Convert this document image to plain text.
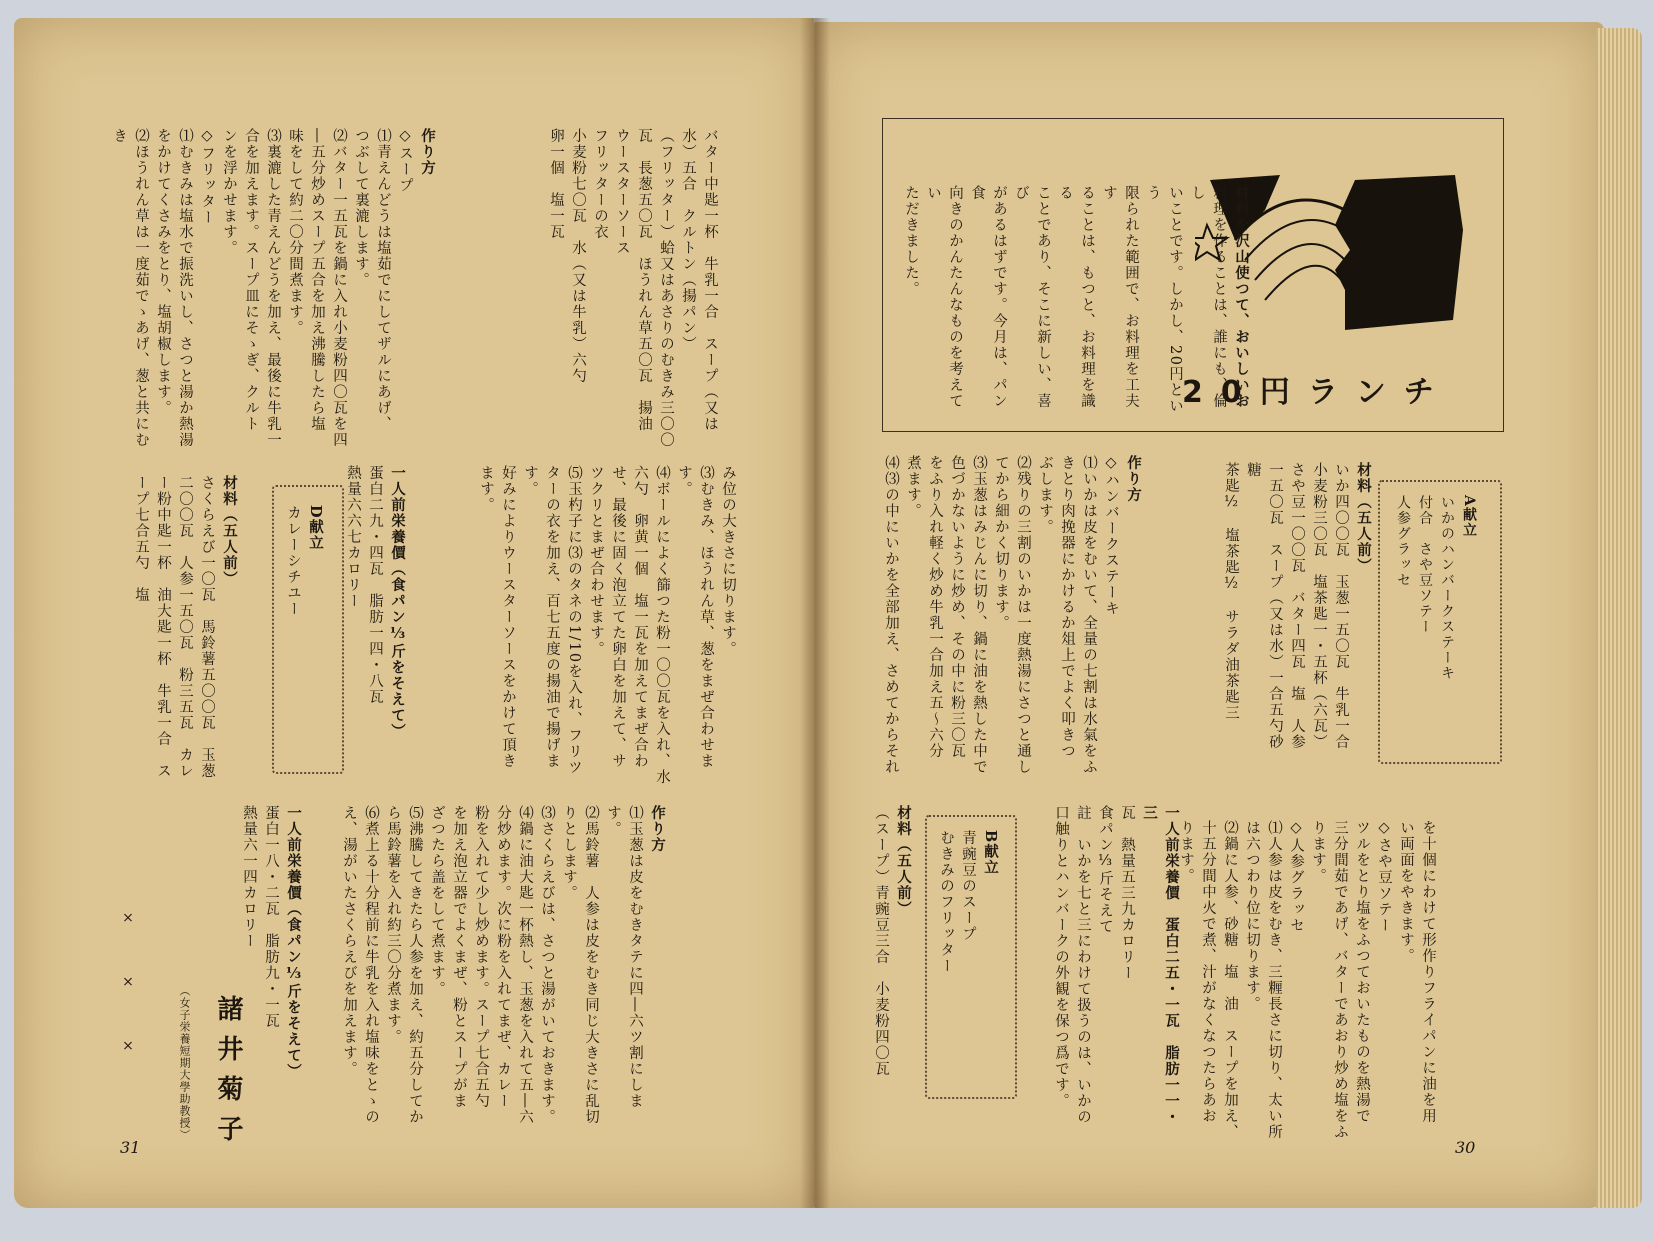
20円ランチ
材料を沢山使つて、おいしいお
料理を作ることは、誰にも、倫し
いことです。しかし、20円という
限られた範囲で、お料理を工夫す
ることは、もつと、お料理を識る
ことであり、そこに新しい、喜び
があるはずです。今月は、パン食
向きのかんたんなものを考えてい
ただきました。
A献立
いかのハンバークステーキ
付合　さや豆ソテー
人参グラッセ
材料（五人前）
いか四〇〇瓦　玉葱一五〇瓦　牛乳一合
小麦粉三〇瓦　塩茶匙一・五杯（六瓦）
さや豆一〇〇瓦　バター四瓦　塩　人参
一五〇瓦　スープ（又は水）一合五勺砂糖
茶匙½　塩茶匙½　サラダ油茶匙三
作り方
◇ハンバークステーキ
⑴いかは皮をむいて、全量の七割は水氣をふ
きとり肉挽器にかけるか俎上でよく叩きつ
ぶします。
⑵残りの三割のいかは一度熱湯にさつと通し
てから細かく切ります。
⑶玉葱はみじんに切り、鍋に油を熱した中で
色づかないように炒め、その中に粉三〇瓦
をふり入れ軽く炒め牛乳一合加え五～六分
煮ます。
⑷⑶の中にいかを全部加え、さめてからそれ
を十個にわけて形作りフライパンに油を用
い両面をやきます。
◇さや豆ソテー
ツルをとり塩をふつておいたものを熱湯で
三分間茹であげ、バターであおり炒め塩をふ
ります。
◇人参グラッセ
⑴人参は皮をむき、三糎長さに切り、太い所
は六つわり位に切ります。
⑵鍋に人参、砂糖　塩　油　スープを加え、
十五分間中火で煮、汁がなくなつたらあお
ります。
一人前栄養價　蛋白二五・一瓦　脂肪一一・三
瓦　熱量五三九カロリー
食パン⅓斤そえて
註　いかを七と三にわけて扱うのは、いかの
口触りとハンバークの外観を保つ爲です。
B献立
青豌豆のスープ
むきみのフリッター
材料（五人前）
（スープ）青豌豆三合　小麦粉四〇瓦
30
バター中匙一杯　牛乳一合　スープ（又は
水）五合　クルトン（揚パン）
（フリッター）蛤又はあさりのむきみ三〇〇
瓦　長葱五〇瓦　ほうれん草五〇瓦　揚油
ウースターソース
フリッターの衣
小麦粉七〇瓦　水（又は牛乳）六勺
卵一個　塩一瓦
作り方
◇スープ
⑴青えんどうは塩茹でにしてザルにあげ、
つぶして裏漉します。
⑵バター一五瓦を鍋に入れ小麦粉四〇瓦を四
―五分炒めスープ五合を加え沸騰したら塩
味をして約二〇分間煮ます。
⑶裏漉した青えんどうを加え、最後に牛乳一
合を加えます。スープ皿にそゝぎ、クルト
ンを浮かせます。
◇フリッター
⑴むきみは塩水で振洗いし、さつと湯か熱湯
をかけてくさみをとり、塩胡椒します。
⑵ほうれん草は一度茹でゝあげ、葱と共にむき
み位の大きさに切ります。
⑶むきみ、ほうれん草、葱をまぜ合わせます。
⑷ボールによく篩つた粉一〇〇瓦を入れ、水
六勺　卵黄一個　塩一瓦を加えてまぜ合わ
せ、最後に固く泡立てた卵白を加えて、サ
ツクリとまぜ合わせます。
⑸玉杓子に⑶のタネの1/10を入れ、フリツ
ターの衣を加え、百七五度の揚油で揚げま
す。
好みによりウースターソースをかけて頂き
ます。
一人前栄養價（食パン⅓斤をそえて）
蛋白二九・四瓦　脂肪一四・八瓦
熱量六六七カロリー
D献立
カレーシチユー
材料（五人前）
さくらえび一〇瓦　馬鈴薯五〇〇瓦　玉葱
二〇〇瓦　人参一五〇瓦　粉三五瓦　カレ
ー粉中匙一杯　油大匙一杯　牛乳一合　ス
ープ七合五勺　塩
作り方
⑴玉葱は皮をむきタテに四―六ツ割にしま
す。
⑵馬鈴薯　人参は皮をむき同じ大きさに乱切
りとします。
⑶さくらえびは、さつと湯がいておきます。
⑷鍋に油大匙一杯熱し、玉葱を入れて五―六
分炒めます。次に粉を入れてまぜ、カレー
粉を入れて少し炒めます。スープ七合五勺
を加え泡立器でよくまぜ、粉とスープがま
ざつたら盖をして煮ます。
⑸沸騰してきたら人参を加え、約五分してか
ら馬鈴薯を入れ約三〇分煮ます。
⑹煮上る十分程前に牛乳を入れ塩味をとゝの
え、湯がいたさくらえびを加えます。
一人前栄養價（食パン⅓斤をそえて）
蛋白一八・二瓦　脂肪九・一瓦
熱量六一四カロリー
諸井菊子
（女子栄養短期大學助教授）
×××
31
